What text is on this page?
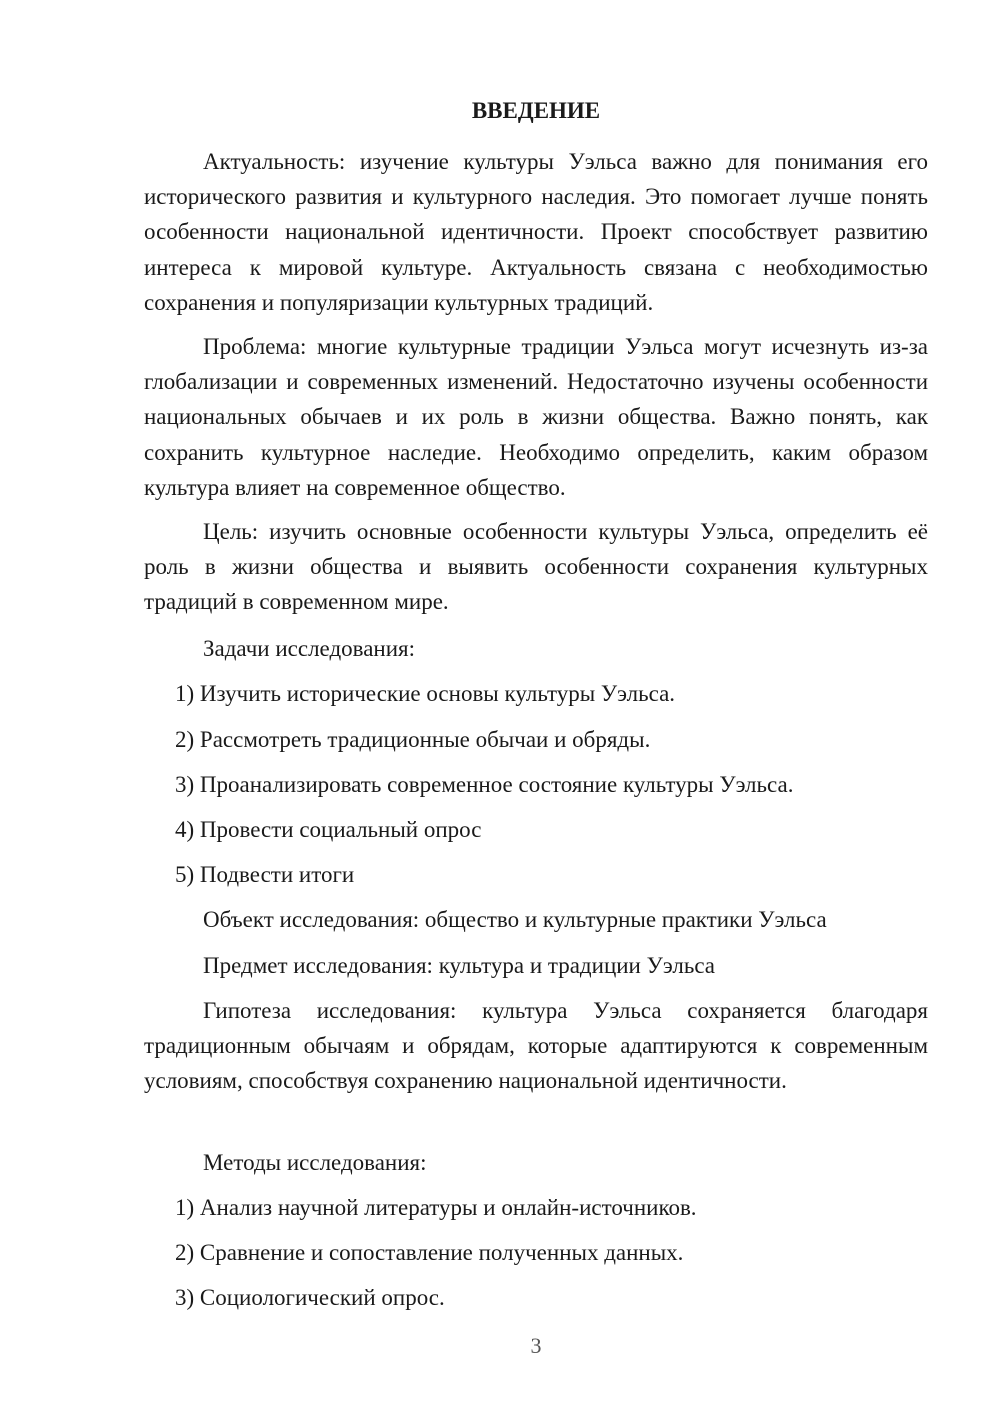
ВВЕДЕНИЕ

Актуальность: изучение культуры Уэльса важно для понимания его исторического развития и культурного наследия. Это помогает лучше понять особенности национальной идентичности. Проект способствует развитию интереса к мировой культуре. Актуальность связана с необходимостью сохранения и популяризации культурных традиций.

Проблема: многие культурные традиции Уэльса могут исчезнуть из-за глобализации и современных изменений. Недостаточно изучены особенности национальных обычаев и их роль в жизни общества. Важно понять, как сохранить культурное наследие. Необходимо определить, каким образом культура влияет на современное общество.

Цель: изучить основные особенности культуры Уэльса, определить её роль в жизни общества и выявить особенности сохранения культурных традиций в современном мире.

Задачи исследования:

1) Изучить исторические основы культуры Уэльса.

2) Рассмотреть традиционные обычаи и обряды.

3) Проанализировать современное состояние культуры Уэльса.

4) Провести социальный опрос

5) Подвести итоги

Объект исследования: общество и культурные практики Уэльса

Предмет исследования: культура и традиции Уэльса

Гипотеза исследования: культура Уэльса сохраняется благодаря традиционным обычаям и обрядам, которые адаптируются к современным условиям, способствуя сохранению национальной идентичности.

Методы исследования:

1) Анализ научной литературы и онлайн-источников.

2) Сравнение и сопоставление полученных данных.

3) Социологический опрос.

3
